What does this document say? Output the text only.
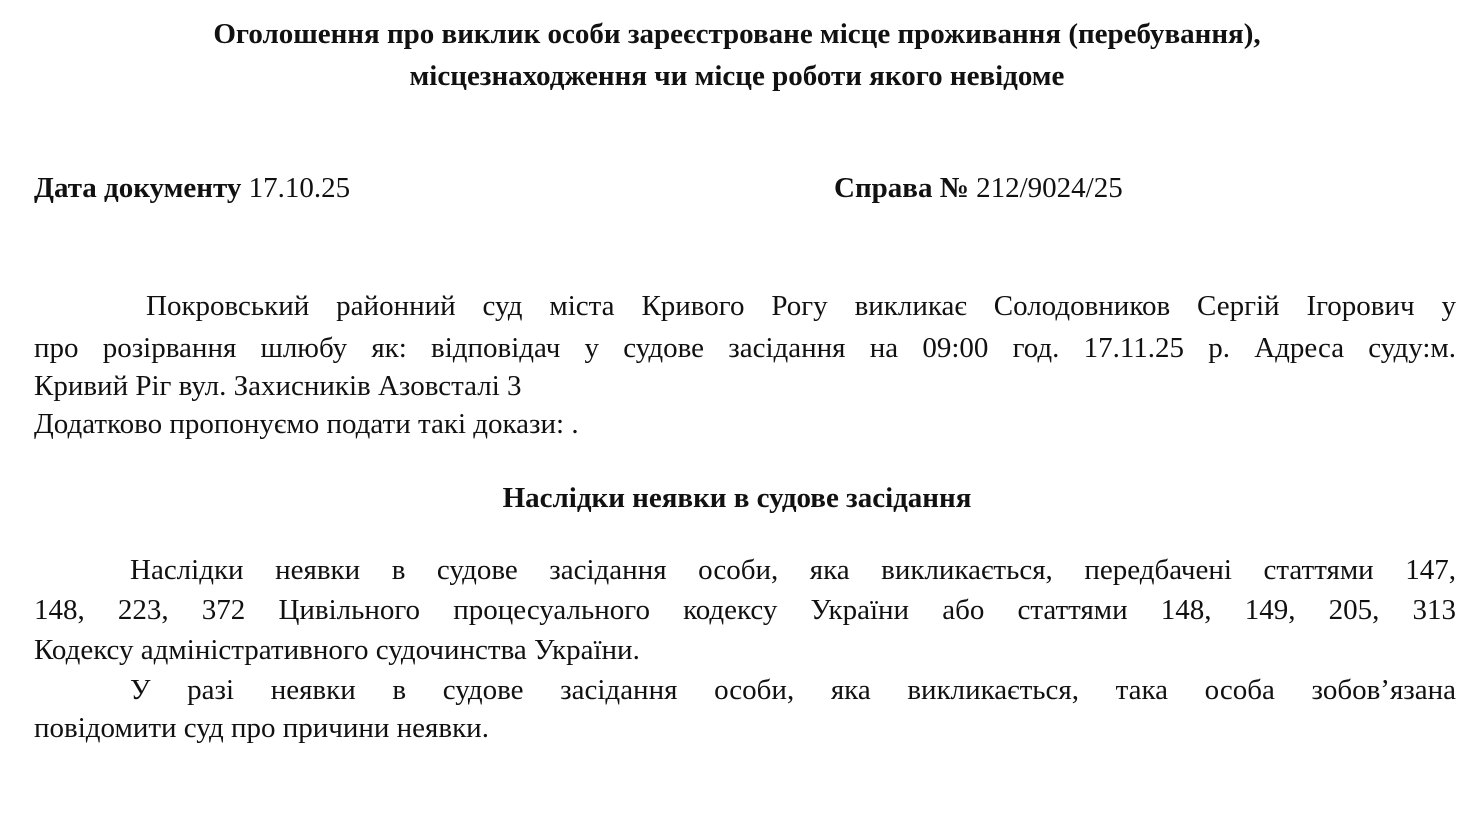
Оголошення про виклик особи зареєстроване місце проживання (перебування),
місцезнаходження чи місце роботи якого невідоме
Дата документу 17.10.25	Справа № 212/9024/25
Покровський районний суд міста Кривого Рогу викликає Солодовников Сергій Ігорович у
про розірвання шлюбу як: відповідач у судове засідання на 09:00 год. 17.11.25 р. Адреса суду:м.
Кривий Ріг вул. Захисників Азовсталі 3
Додатково пропонуємо подати такі докази: .
Наслідки неявки в судове засідання
Наслідки неявки в судове засідання особи, яка викликається, передбачені статтями 147,
148, 223, 372 Цивільного процесуального кодексу України або статтями 148, 149, 205, 313
Кодексу адміністративного судочинства України.
У разі неявки в судове засідання особи, яка викликається, така особа зобов’язана
повідомити суд про причини неявки.
